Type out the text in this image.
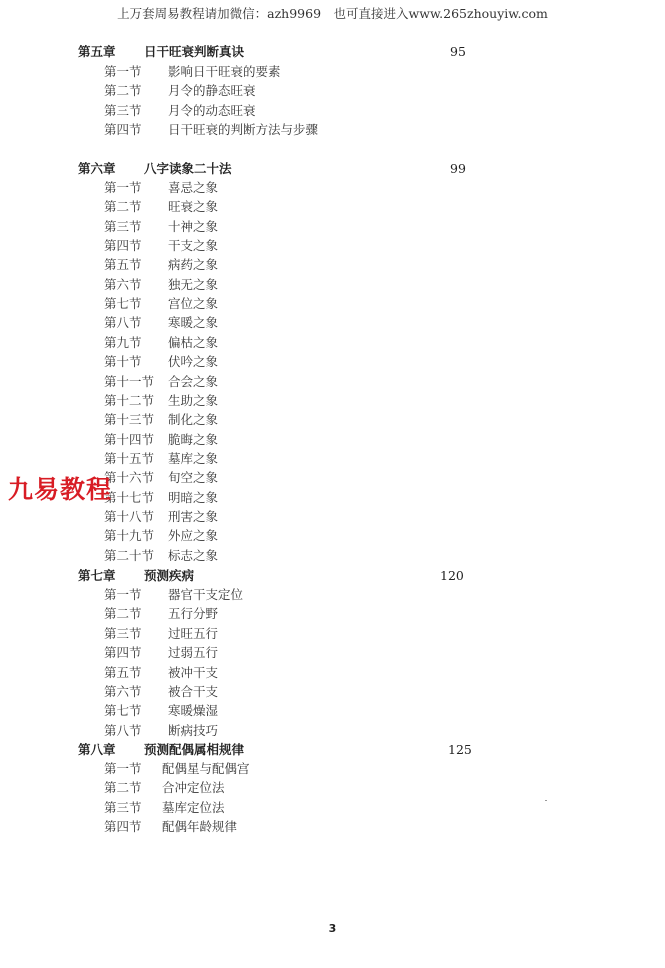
上万套周易教程请加微信：azh9969　也可直接进入www.265zhouyiw.com
第五章 日干旺衰判断真诀	95
第一节 影响日干旺衰的要素
第二节 月令的静态旺衰
第三节 月令的动态旺衰
第四节 日干旺衰的判断方法与步骤
第六章 八字读象二十法	99
第一节 喜忌之象
第二节 旺衰之象
第三节 十神之象
第四节 干支之象
第五节 病药之象
第六节 独无之象
第七节 宫位之象
第八节 寒暖之象
第九节 偏枯之象
第十节 伏吟之象
第十一节 合会之象
第十二节 生助之象
第十三节 制化之象
第十四节 脆晦之象
第十五节 墓库之象
第十六节 旬空之象
第十七节 明暗之象
第十八节 刑害之象
第十九节 外应之象
第二十节 标志之象
第七章 预测疾病	120
第一节 器官干支定位
第二节 五行分野
第三节 过旺五行
第四节 过弱五行
第五节 被冲干支
第六节 被合干支
第七节 寒暖燥湿
第八节 断病技巧
第八章 预测配偶属相规律	125
第一节 配偶星与配偶宫
第二节 合冲定位法
第三节 墓库定位法
第四节 配偶年龄规律
九易教程
3
